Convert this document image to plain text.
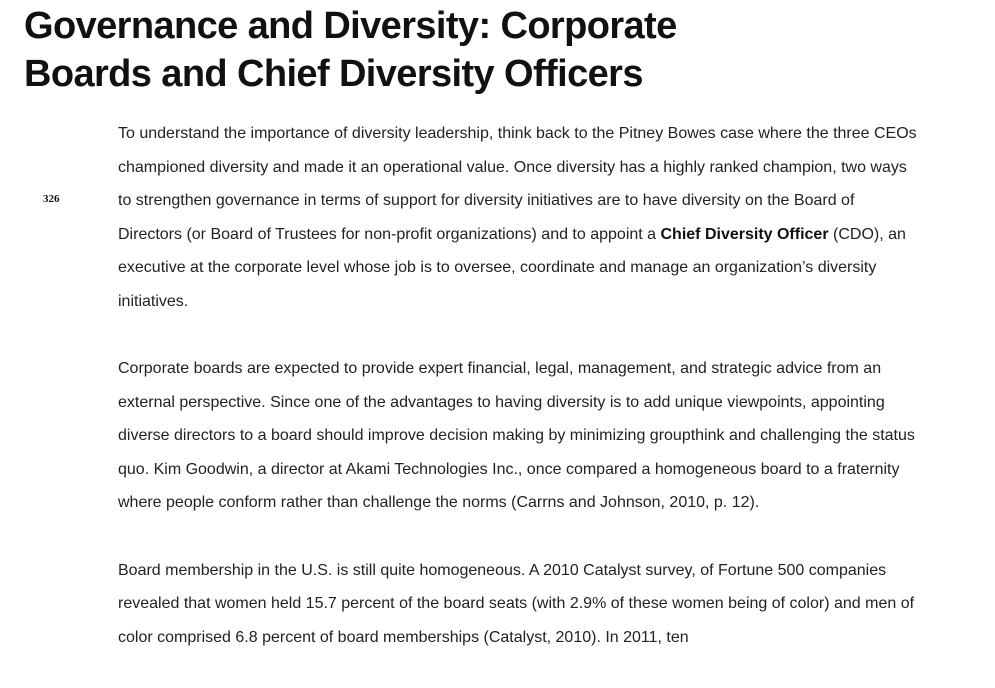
Governance and Diversity: Corporate Boards and Chief Diversity Officers
326

To understand the importance of diversity leadership, think back to the Pitney Bowes case where the three CEOs championed diversity and made it an operational value. Once diversity has a highly ranked champion, two ways to strengthen governance in terms of support for diversity initiatives are to have diversity on the Board of Directors (or Board of Trustees for non-profit organizations) and to appoint a Chief Diversity Officer (CDO), an executive at the corporate level whose job is to oversee, coordinate and manage an organization’s diversity initiatives.

Corporate boards are expected to provide expert financial, legal, management, and strategic advice from an external perspective. Since one of the advantages to having diversity is to add unique viewpoints, appointing diverse directors to a board should improve decision making by minimizing groupthink and challenging the status quo. Kim Goodwin, a director at Akami Technologies Inc., once compared a homogeneous board to a fraternity where people conform rather than challenge the norms (Carrns and Johnson, 2010, p. 12).

Board membership in the U.S. is still quite homogeneous. A 2010 Catalyst survey, of Fortune 500 companies revealed that women held 15.7 percent of the board seats (with 2.9% of these women being of color) and men of color comprised 6.8 percent of board memberships (Catalyst, 2010). In 2011, ten
